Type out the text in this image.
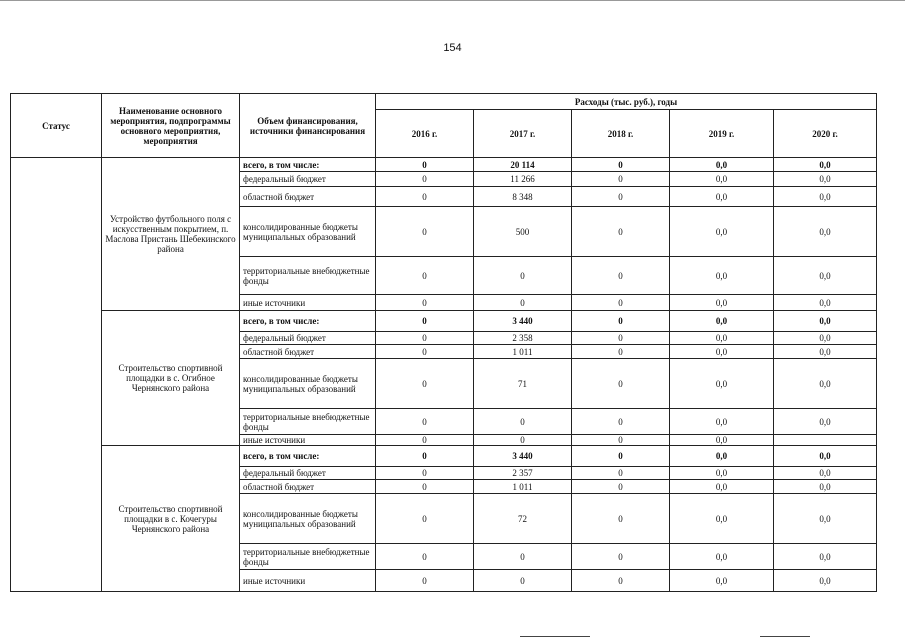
154
Статус	Наименование основного мероприятия, подпрограммы основного мероприятия, мероприятия	Объем финансирования, источники финансирования	Расходы (тыс. руб.), годы				
			2016 г.	2017 г.	2018 г.	2019 г.	2020 г.
	Устройство футбольного поля с искусственным покрытием, п. Маслова Пристань Шебекинского района	всего, в том числе:	0	20 114	0	0,0	0,0
		федеральный бюджет	0	11 266	0	0,0	0,0
		областной бюджет	0	8 348	0	0,0	0,0
		консолидированные бюджеты муниципальных образований	0	500	0	0,0	0,0
		территориальные внебюджетные фонды	0	0	0	0,0	0,0
		иные источники	0	0	0	0,0	0,0
	Строительство спортивной площадки в с. Огибное Чернянского района	всего, в том числе:	0	3 440	0	0,0	0,0
		федеральный бюджет	0	2 358	0	0,0	0,0
		областной бюджет	0	1 011	0	0,0	0,0
		консолидированные бюджеты муниципальных образований	0	71	0	0,0	0,0
		территориальные внебюджетные фонды	0	0	0	0,0	0,0
		иные источники	0	0	0	0,0	
	Строительство спортивной площадки в с. Кочегуры Чернянского района	всего, в том числе:	0	3 440	0	0,0	0,0
		федеральный бюджет	0	2 357	0	0,0	0,0
		областной бюджет	0	1 011	0	0,0	0,0
		консолидированные бюджеты муниципальных образований	0	72	0	0,0	0,0
		территориальные внебюджетные фонды	0	0	0	0,0	0,0
		иные источники	0	0	0	0,0	0,0
